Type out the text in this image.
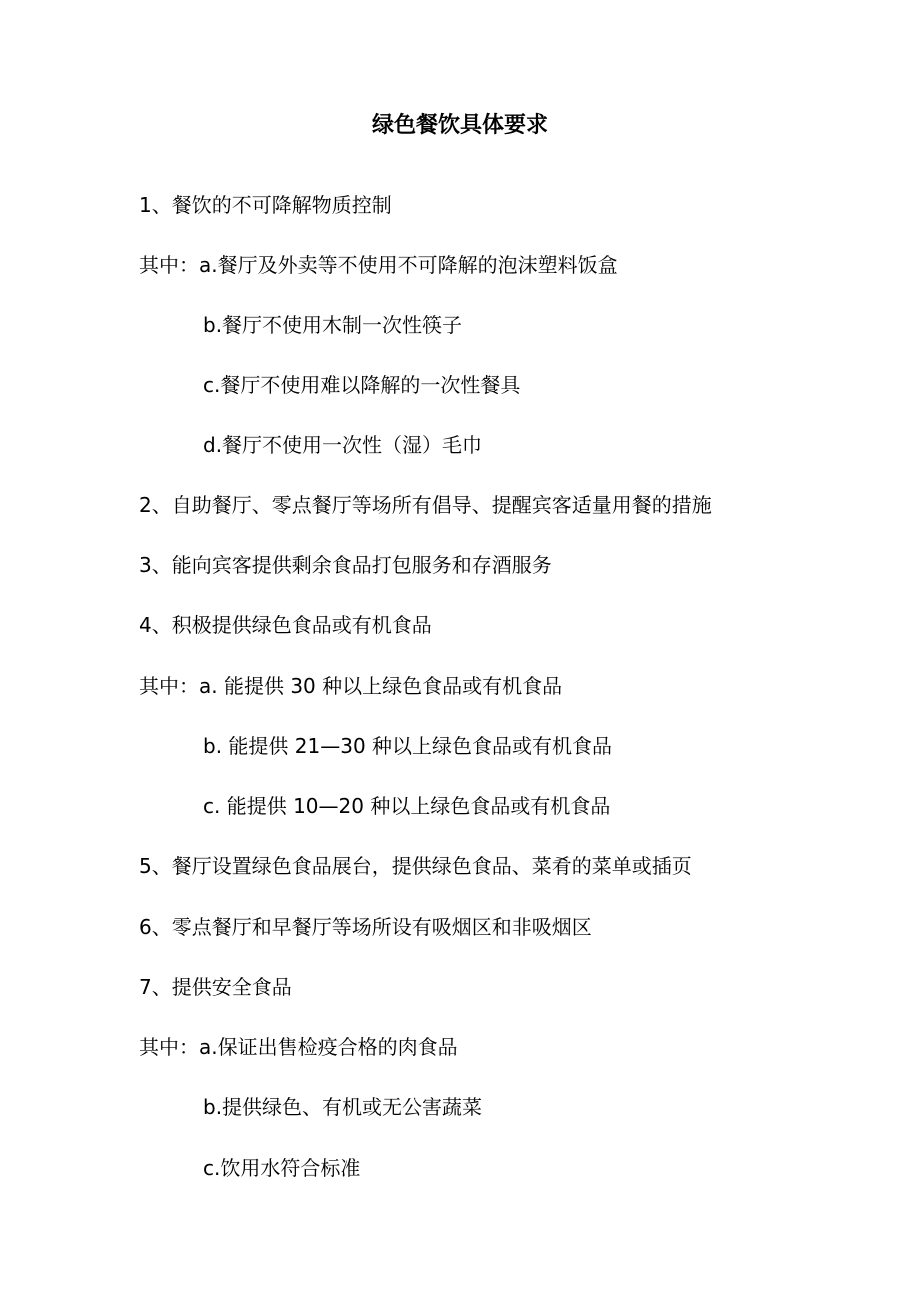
绿色餐饮具体要求

1、餐饮的不可降解物质控制

其中：a.餐厅及外卖等不使用不可降解的泡沫塑料饭盒

b.餐厅不使用木制一次性筷子

c.餐厅不使用难以降解的一次性餐具

d.餐厅不使用一次性（湿）毛巾

2、自助餐厅、零点餐厅等场所有倡导、提醒宾客适量用餐的措施

3、能向宾客提供剩余食品打包服务和存酒服务

4、积极提供绿色食品或有机食品

其中：a. 能提供 30 种以上绿色食品或有机食品

b. 能提供 21—30 种以上绿色食品或有机食品

c. 能提供 10—20 种以上绿色食品或有机食品

5、餐厅设置绿色食品展台，提供绿色食品、菜肴的菜单或插页

6、零点餐厅和早餐厅等场所设有吸烟区和非吸烟区

7、提供安全食品

其中：a.保证出售检疫合格的肉食品

b.提供绿色、有机或无公害蔬菜

c.饮用水符合标准
